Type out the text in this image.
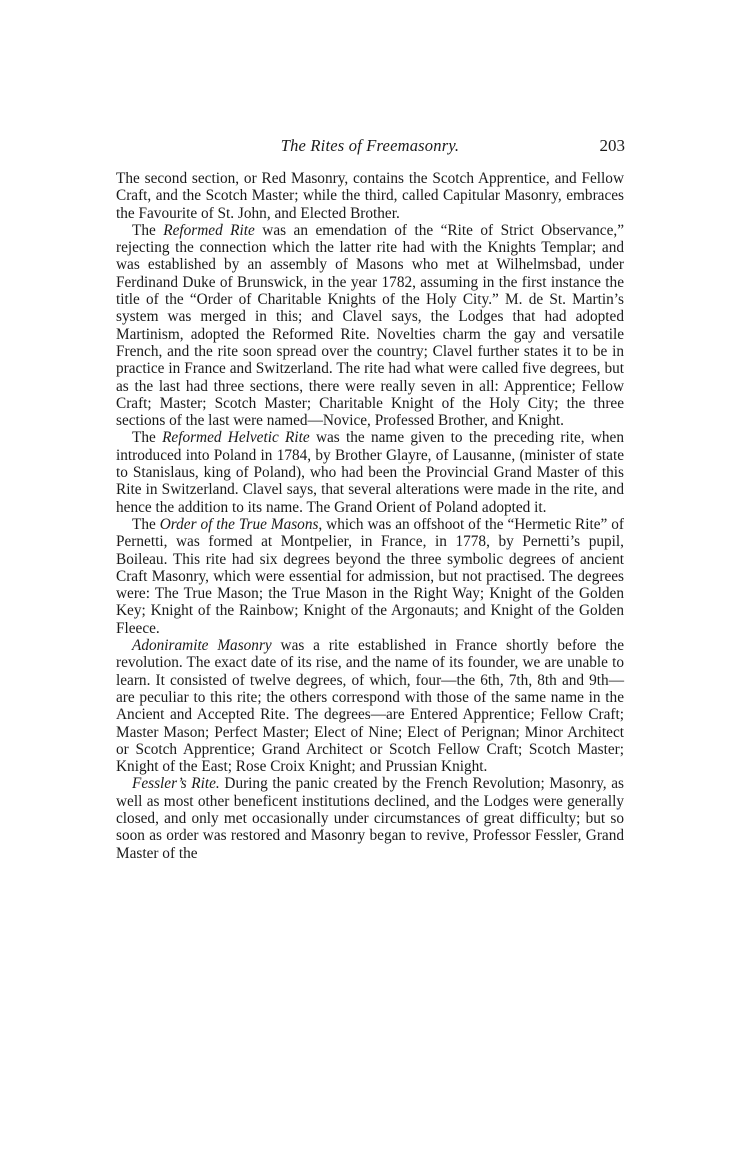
The Rites of Freemasonry.	203

The second section, or Red Masonry, contains the Scotch Apprentice, and Fellow Craft, and the Scotch Master; while the third, called Capitular Masonry, embraces the Favourite of St. John, and Elected Brother.

The Reformed Rite was an emendation of the “Rite of Strict Observance,” rejecting the connection which the latter rite had with the Knights Templar; and was established by an assembly of Masons who met at Wilhelmsbad, under Ferdinand Duke of Brunswick, in the year 1782, assuming in the first instance the title of the “Order of Charitable Knights of the Holy City.” M. de St. Martin’s system was merged in this; and Clavel says, the Lodges that had adopted Martinism, adopted the Reformed Rite. Novelties charm the gay and versatile French, and the rite soon spread over the country; Clavel further states it to be in practice in France and Switzerland. The rite had what were called five degrees, but as the last had three sections, there were really seven in all: Apprentice; Fellow Craft; Master; Scotch Master; Charitable Knight of the Holy City; the three sections of the last were named—Novice, Professed Brother, and Knight.

The Reformed Helvetic Rite was the name given to the preceding rite, when introduced into Poland in 1784, by Brother Glayre, of Lausanne, (minister of state to Stanislaus, king of Poland), who had been the Provincial Grand Master of this Rite in Switzerland. Clavel says, that several alterations were made in the rite, and hence the addition to its name. The Grand Orient of Poland adopted it.

The Order of the True Masons, which was an offshoot of the “Hermetic Rite” of Pernetti, was formed at Montpelier, in France, in 1778, by Pernetti’s pupil, Boileau. This rite had six degrees beyond the three symbolic degrees of ancient Craft Masonry, which were essential for admission, but not practised. The degrees were: The True Mason; the True Mason in the Right Way; Knight of the Golden Key; Knight of the Rainbow; Knight of the Argonauts; and Knight of the Golden Fleece.

Adoniramite Masonry was a rite established in France shortly before the revolution. The exact date of its rise, and the name of its founder, we are unable to learn. It consisted of twelve degrees, of which, four—the 6th, 7th, 8th and 9th—are peculiar to this rite; the others correspond with those of the same name in the Ancient and Accepted Rite. The degrees—are Entered Apprentice; Fellow Craft; Master Mason; Perfect Master; Elect of Nine; Elect of Perignan; Minor Architect or Scotch Apprentice; Grand Architect or Scotch Fellow Craft; Scotch Master; Knight of the East; Rose Croix Knight; and Prussian Knight.

Fessler’s Rite. During the panic created by the French Revolution; Masonry, as well as most other beneficent institutions declined, and the Lodges were generally closed, and only met occasionally under circumstances of great difficulty; but so soon as order was restored and Masonry began to revive, Professor Fessler, Grand Master of the
